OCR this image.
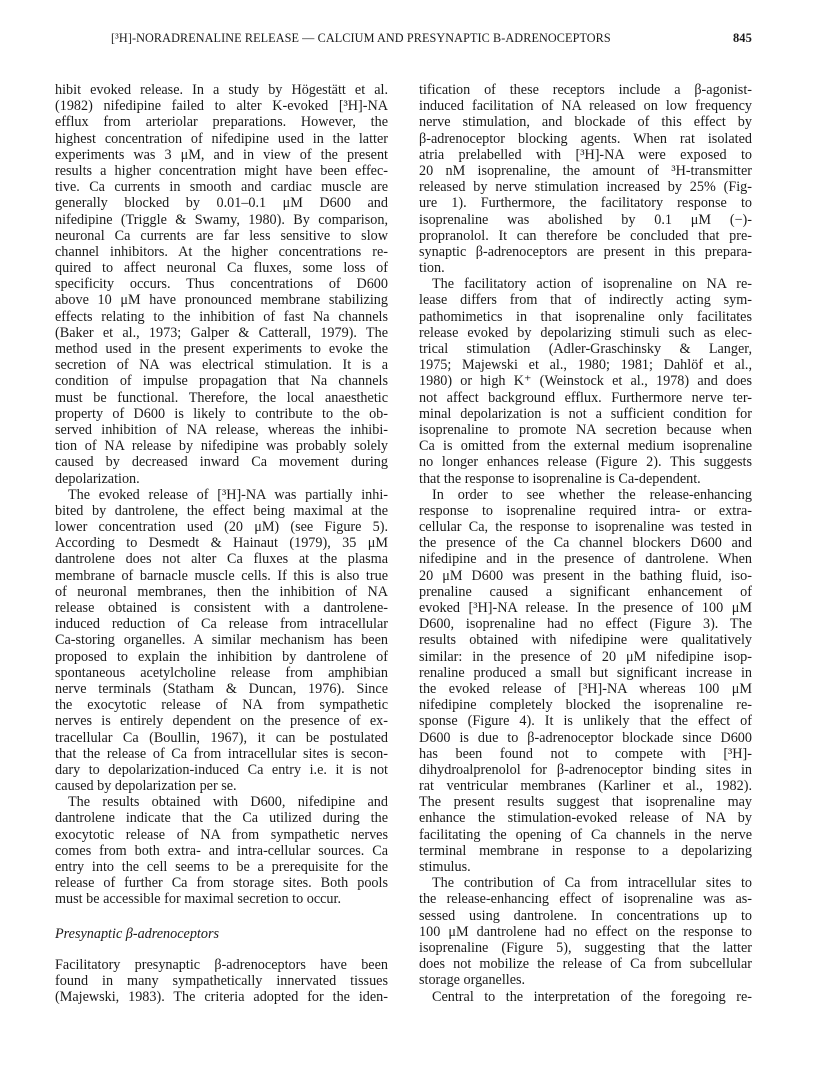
[³H]-NORADRENALINE RELEASE — CALCIUM AND PRESYNAPTIC Β-ADRENOCEPTORS	845
hibit evoked release. In a study by Högestätt et al.
(1982) nifedipine failed to alter K-evoked [³H]-NA
efflux from arteriolar preparations. However, the
highest concentration of nifedipine used in the latter
experiments was 3 μM, and in view of the present
results a higher concentration might have been effec-
tive. Ca currents in smooth and cardiac muscle are
generally blocked by 0.01–0.1 μM D600 and
nifedipine (Triggle & Swamy, 1980). By comparison,
neuronal Ca currents are far less sensitive to slow
channel inhibitors. At the higher concentrations re-
quired to affect neuronal Ca fluxes, some loss of
specificity occurs. Thus concentrations of D600
above 10 μM have pronounced membrane stabilizing
effects relating to the inhibition of fast Na channels
(Baker et al., 1973; Galper & Catterall, 1979). The
method used in the present experiments to evoke the
secretion of NA was electrical stimulation. It is a
condition of impulse propagation that Na channels
must be functional. Therefore, the local anaesthetic
property of D600 is likely to contribute to the ob-
served inhibition of NA release, whereas the inhibi-
tion of NA release by nifedipine was probably solely
caused by decreased inward Ca movement during
depolarization.
The evoked release of [³H]-NA was partially inhi-
bited by dantrolene, the effect being maximal at the
lower concentration used (20 μM) (see Figure 5).
According to Desmedt & Hainaut (1979), 35 μM
dantrolene does not alter Ca fluxes at the plasma
membrane of barnacle muscle cells. If this is also true
of neuronal membranes, then the inhibition of NA
release obtained is consistent with a dantrolene-
induced reduction of Ca release from intracellular
Ca-storing organelles. A similar mechanism has been
proposed to explain the inhibition by dantrolene of
spontaneous acetylcholine release from amphibian
nerve terminals (Statham & Duncan, 1976). Since
the exocytotic release of NA from sympathetic
nerves is entirely dependent on the presence of ex-
tracellular Ca (Boullin, 1967), it can be postulated
that the release of Ca from intracellular sites is secon-
dary to depolarization-induced Ca entry i.e. it is not
caused by depolarization per se.
The results obtained with D600, nifedipine and
dantrolene indicate that the Ca utilized during the
exocytotic release of NA from sympathetic nerves
comes from both extra- and intra-cellular sources. Ca
entry into the cell seems to be a prerequisite for the
release of further Ca from storage sites. Both pools
must be accessible for maximal secretion to occur.
Presynaptic β-adrenoceptors
Facilitatory presynaptic β-adrenoceptors have been
found in many sympathetically innervated tissues
(Majewski, 1983). The criteria adopted for the iden-
tification of these receptors include a β-agonist-
induced facilitation of NA released on low frequency
nerve stimulation, and blockade of this effect by
β-adrenoceptor blocking agents. When rat isolated
atria prelabelled with [³H]-NA were exposed to
20 nM isoprenaline, the amount of ³H-transmitter
released by nerve stimulation increased by 25% (Fig-
ure 1). Furthermore, the facilitatory response to
isoprenaline was abolished by 0.1 μM (−)-
propranolol. It can therefore be concluded that pre-
synaptic β-adrenoceptors are present in this prepara-
tion.
The facilitatory action of isoprenaline on NA re-
lease differs from that of indirectly acting sym-
pathomimetics in that isoprenaline only facilitates
release evoked by depolarizing stimuli such as elec-
trical stimulation (Adler-Graschinsky & Langer,
1975; Majewski et al., 1980; 1981; Dahlöf et al.,
1980) or high K⁺ (Weinstock et al., 1978) and does
not affect background efflux. Furthermore nerve ter-
minal depolarization is not a sufficient condition for
isoprenaline to promote NA secretion because when
Ca is omitted from the external medium isoprenaline
no longer enhances release (Figure 2). This suggests
that the response to isoprenaline is Ca-dependent.
In order to see whether the release-enhancing
response to isoprenaline required intra- or extra-
cellular Ca, the response to isoprenaline was tested in
the presence of the Ca channel blockers D600 and
nifedipine and in the presence of dantrolene. When
20 μM D600 was present in the bathing fluid, iso-
prenaline caused a significant enhancement of
evoked [³H]-NA release. In the presence of 100 μM
D600, isoprenaline had no effect (Figure 3). The
results obtained with nifedipine were qualitatively
similar: in the presence of 20 μM nifedipine isop-
renaline produced a small but significant increase in
the evoked release of [³H]-NA whereas 100 μM
nifedipine completely blocked the isoprenaline re-
sponse (Figure 4). It is unlikely that the effect of
D600 is due to β-adrenoceptor blockade since D600
has been found not to compete with [³H]-
dihydroalprenolol for β-adrenoceptor binding sites in
rat ventricular membranes (Karliner et al., 1982).
The present results suggest that isoprenaline may
enhance the stimulation-evoked release of NA by
facilitating the opening of Ca channels in the nerve
terminal membrane in response to a depolarizing
stimulus.
The contribution of Ca from intracellular sites to
the release-enhancing effect of isoprenaline was as-
sessed using dantrolene. In concentrations up to
100 μM dantrolene had no effect on the response to
isoprenaline (Figure 5), suggesting that the latter
does not mobilize the release of Ca from subcellular
storage organelles.
Central to the interpretation of the foregoing re-
